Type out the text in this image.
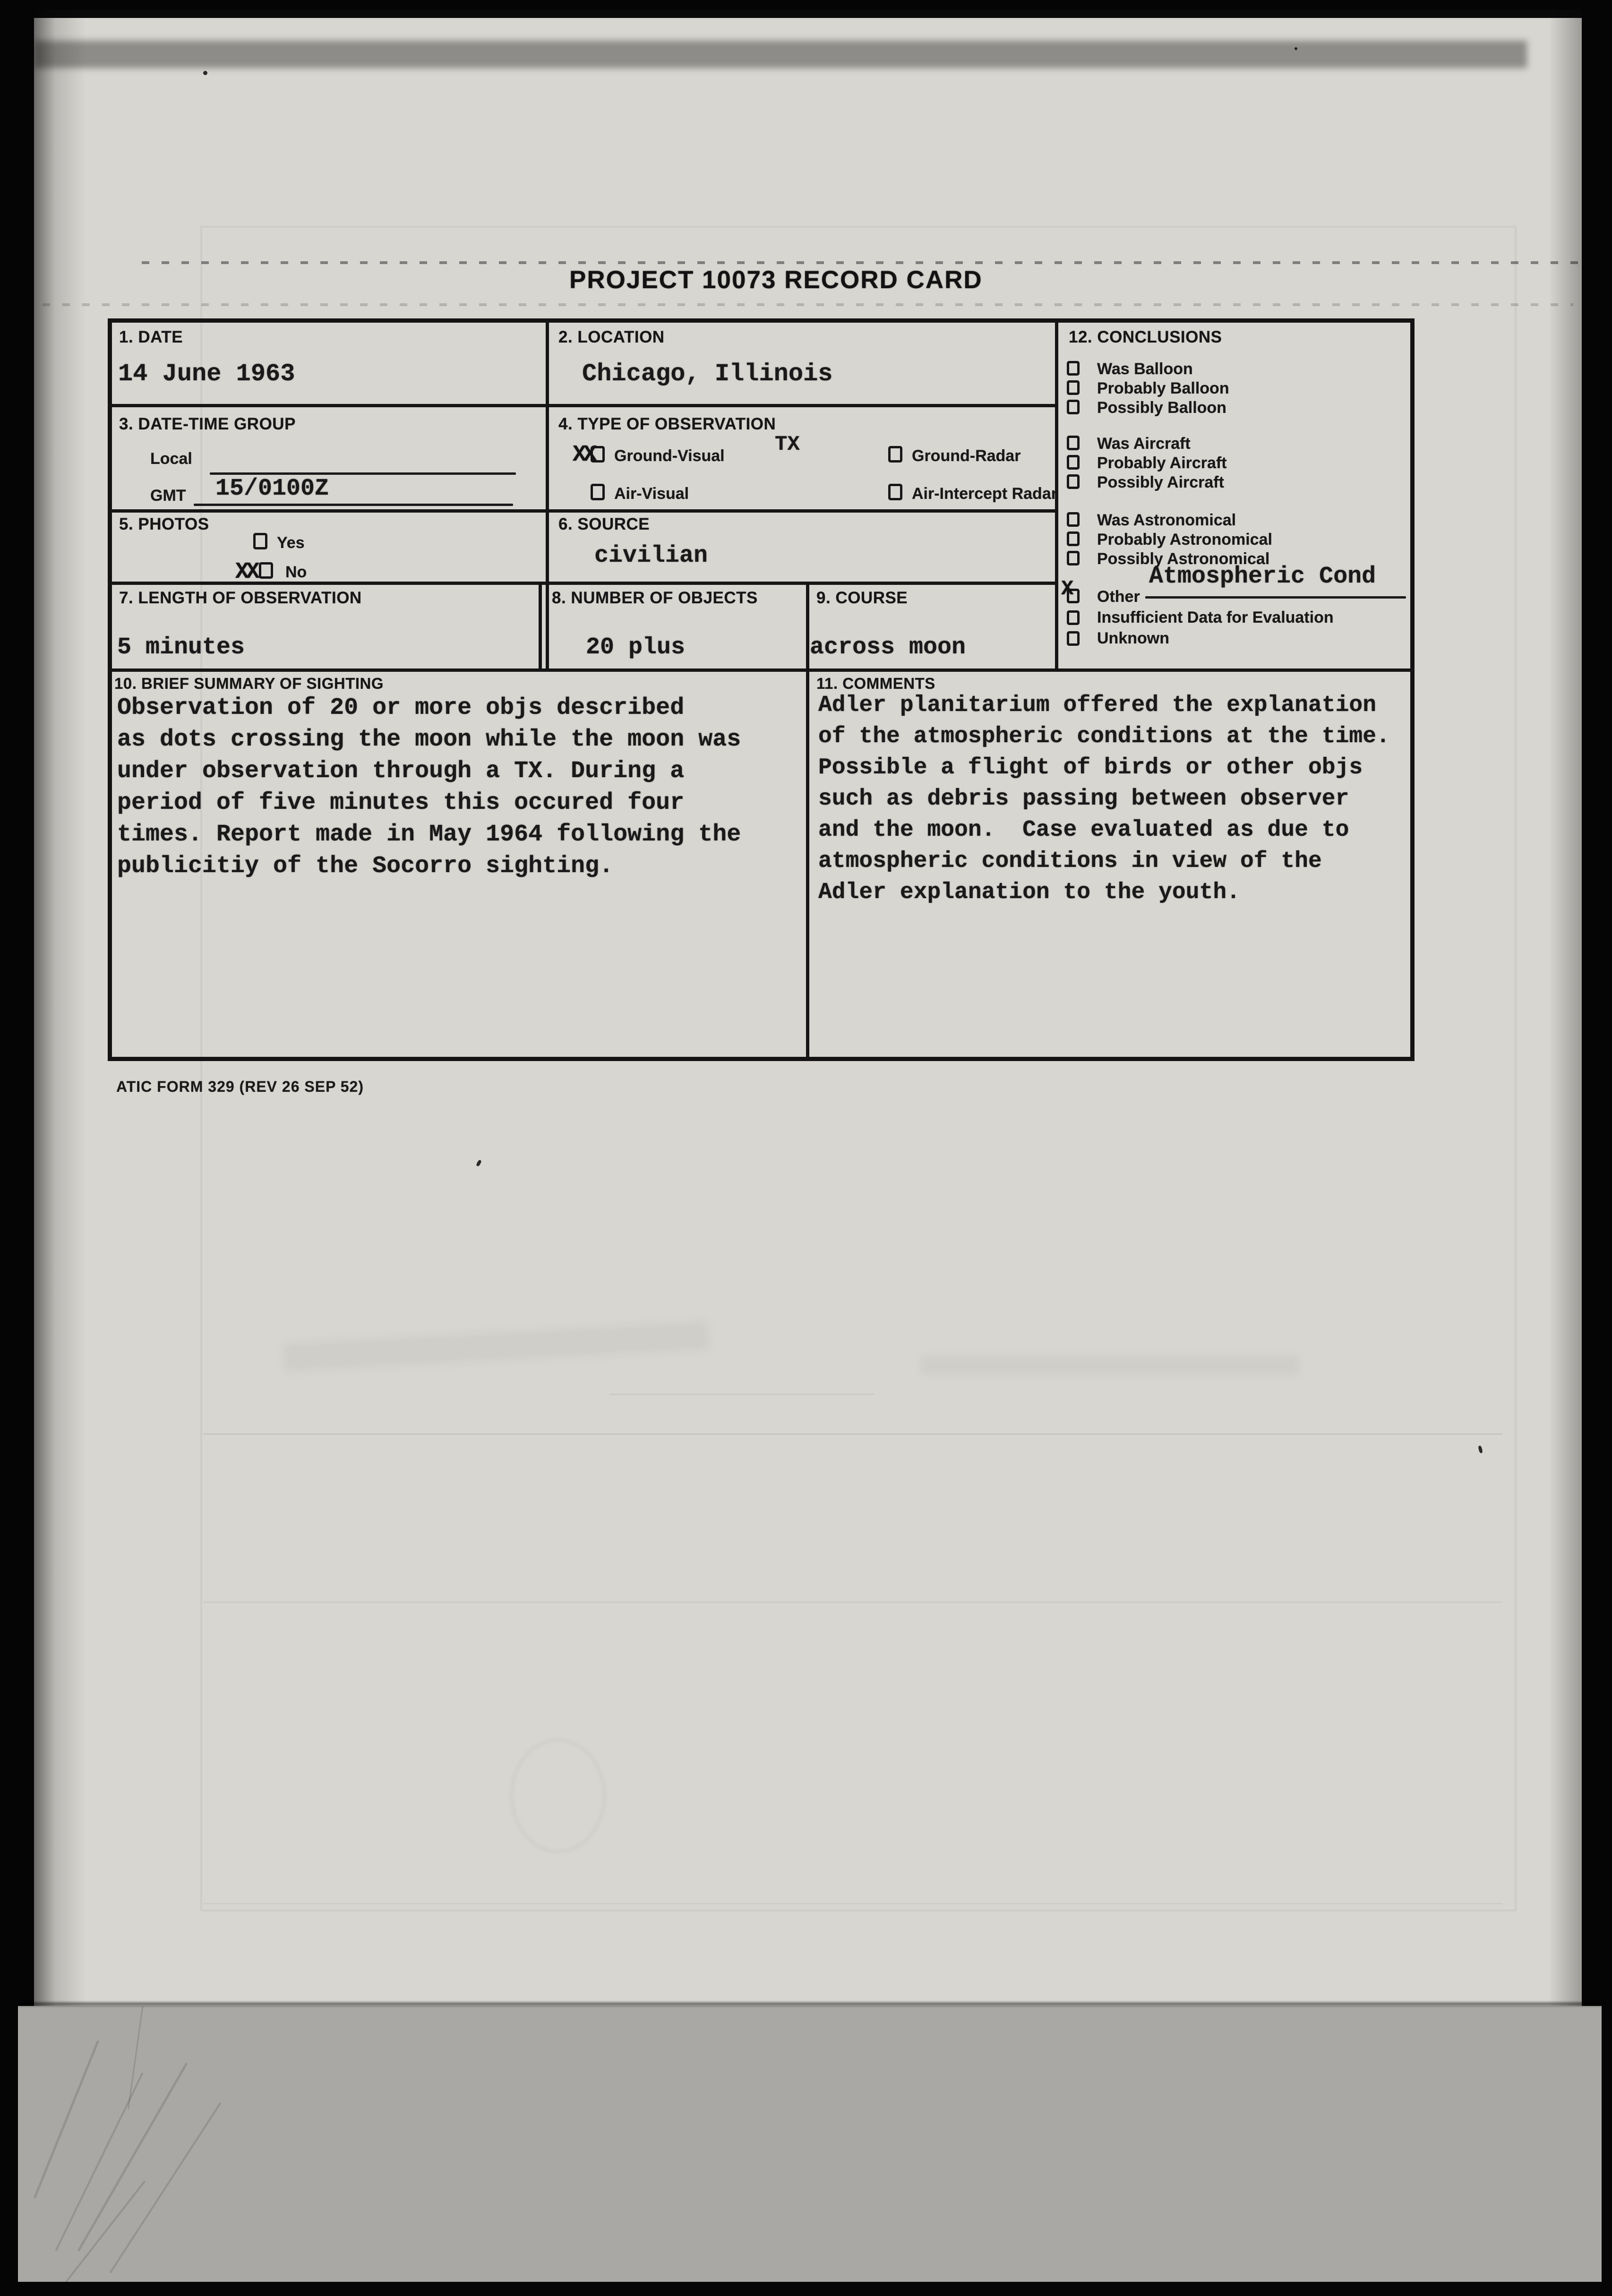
PROJECT 10073 RECORD CARD
1. DATE
14 June 1963
2. LOCATION
Chicago, Illinois
3. DATE-TIME GROUP
Local
GMT 15/0100Z
4. TYPE OF OBSERVATION
XX Ground-Visual TX	Ground-Radar
Air-Visual	Air-Intercept Radar
5. PHOTOS
Yes
XX No
6. SOURCE
civilian
7. LENGTH OF OBSERVATION
5 minutes
8. NUMBER OF OBJECTS
20 plus
9. COURSE
across moon
10. BRIEF SUMMARY OF SIGHTING
Observation of 20 or more objs described
as dots crossing the moon while the moon was
under observation through a TX. During a
period of five minutes this occured four
times. Report made in May 1964 following the
publicitiy of the Socorro sighting.
11. COMMENTS
Adler planitarium offered the explanation
of the atmospheric conditions at the time.
Possible a flight of birds or other objs
such as debris passing between observer
and the moon.  Case evaluated as due to
atmospheric conditions in view of the
Adler explanation to the youth.
12. CONCLUSIONS
Was Balloon
Probably Balloon
Possibly Balloon
Was Aircraft
Probably Aircraft
Possibly Aircraft
Was Astronomical
Probably Astronomical
Possibly Astronomical
X Other
Atmospheric Cond
Insufficient Data for Evaluation
Unknown
ATIC FORM 329 (REV 26 SEP 52)
